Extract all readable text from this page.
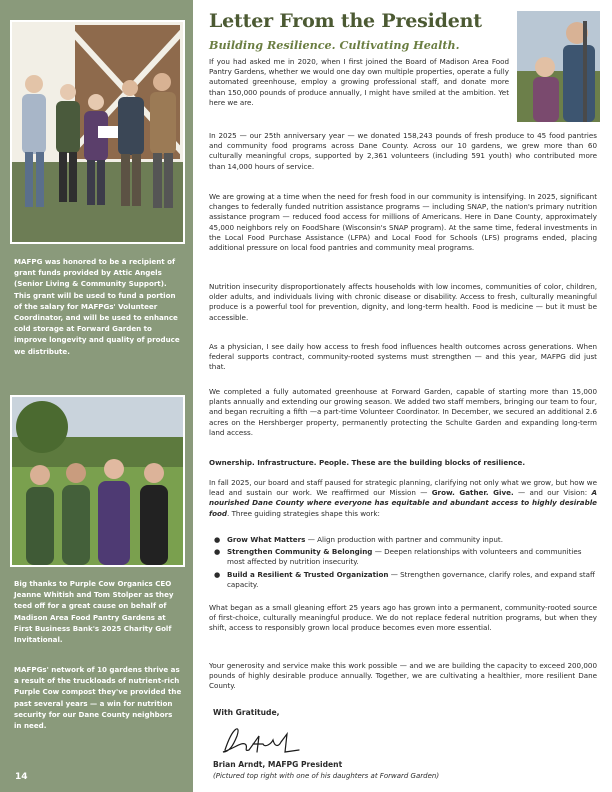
MAFPG was honored to be a recipient of grant funds provided by Attic Angels (Senior Living & Community Support). This grant will be used to fund a portion of the salary for MAFPGs' Volunteer Coordinator, and will be used to enhance cold storage at Forward Garden to improve longevity and quality of produce we distribute.

Big thanks to Purple Cow Organics CEO Jeanne Whitish and Tom Stolper as they teed off for a great cause on behalf of Madison Area Food Pantry Gardens at First Business Bank's 2025 Charity Golf Invitational.

MAFPGs' network of 10 gardens thrive as a result of the truckloads of nutrient-rich Purple Cow compost they've provided the past several years — a win for nutrition security for our Dane County neighbors in need.

14
Letter From the President
Building Resilience. Cultivating Health.

If you had asked me in 2020, when I first joined the Board of Madison Area Food Pantry Gardens, whether we would one day own multiple properties, operate a fully automated greenhouse, employ a growing professional staff, and donate more than 150,000 pounds of produce annually, I might have smiled at the ambition. Yet here we are.

In 2025 — our 25th anniversary year — we donated 158,243 pounds of fresh produce to 45 food pantries and community food programs across Dane County. Across our 10 gardens, we grew more than 60 culturally meaningful crops, supported by 2,361 volunteers (including 591 youth) who contributed more than 14,000 hours of service.

We are growing at a time when the need for fresh food in our community is intensifying. In 2025, significant changes to federally funded nutrition assistance programs — including SNAP, the nation's primary nutrition assistance program — reduced food access for millions of Americans. Here in Dane County, approximately 45,000 neighbors rely on FoodShare (Wisconsin's SNAP program). At the same time, federal investments in the Local Food Purchase Assistance (LFPA) and Local Food for Schools (LFS) programs ended, placing additional pressure on local food pantries and community meal programs.

Nutrition insecurity disproportionately affects households with low incomes, communities of color, children, older adults, and individuals living with chronic disease or disability. Access to fresh, culturally meaningful produce is a powerful tool for prevention, dignity, and long-term health. Food is medicine — but it must be accessible.

As a physician, I see daily how access to fresh food influences health outcomes across generations. When federal supports contract, community-rooted systems must strengthen — and this year, MAFPG did just that.

We completed a fully automated greenhouse at Forward Garden, capable of starting more than 15,000 plants annually and extending our growing season. We added two staff members, bringing our team to four, and began recruiting a fifth —a part-time Volunteer Coordinator. In December, we secured an additional 2.6 acres on the Hershberger property, permanently protecting the Schulte Garden and expanding long-term land access.

Ownership. Infrastructure. People. These are the building blocks of resilience.

In fall 2025, our board and staff paused for strategic planning, clarifying not only what we grow, but how we lead and sustain our work. We reaffirmed our Mission — Grow. Gather. Give. — and our Vision: A nourished Dane County where everyone has equitable and abundant access to highly desirable food. Three guiding strategies shape this work:

● Grow What Matters — Align production with partner and community input.
● Strengthen Community & Belonging — Deepen relationships with volunteers and communities most affected by nutrition insecurity.
● Build a Resilient & Trusted Organization — Strengthen governance, clarify roles, and expand staff capacity.

What began as a small gleaning effort 25 years ago has grown into a permanent, community-rooted source of first-choice, culturally meaningful produce. We do not replace federal nutrition programs, but when they shift, access to responsibly grown local produce becomes even more essential.

Your generosity and service make this work possible — and we are building the capacity to exceed 200,000 pounds of highly desirable produce annually. Together, we are cultivating a healthier, more resilient Dane County.

With Gratitude,
Brian Arndt, MAFPG President
(Pictured top right with one of his daughters at Forward Garden)
